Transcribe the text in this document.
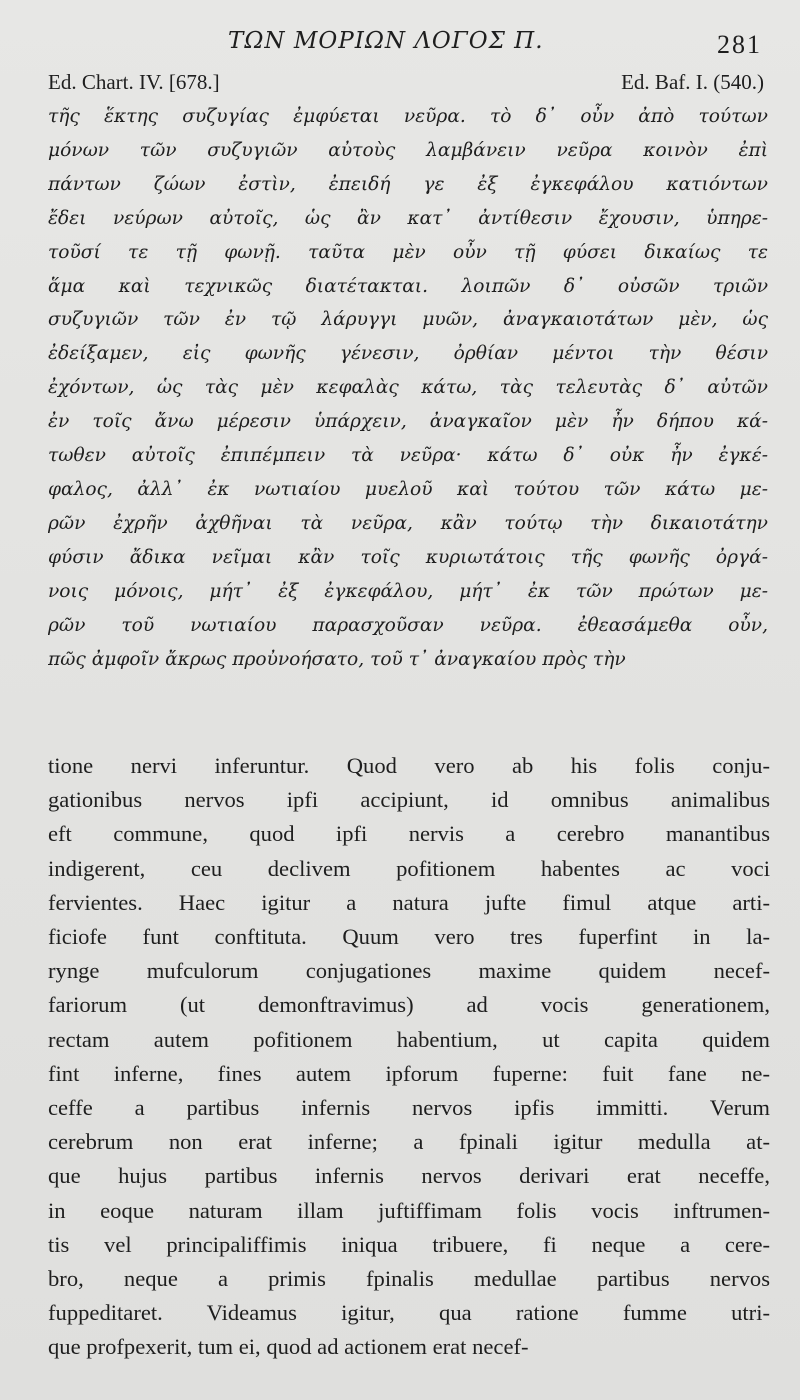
ΤΩΝ ΜΟΡΙΩΝ ΛΟΓΟΣ Π.	281
Ed. Chart. IV. [678.]	Ed. Baf. I. (540.)
τῆς ἕκτης συζυγίας ἐμφύεται νεῦρα. τὸ δ᾽ οὖν ἀπὸ τούτων
μόνων τῶν συζυγιῶν αὐτοὺς λαμβάνειν νεῦρα κοινὸν ἐπὶ
πάντων ζώων ἐστὶν, ἐπειδή γε ἐξ ἐγκεφάλου κατιόντων
ἔδει νεύρων αὐτοῖς, ὡς ἂν κατ᾽ ἀντίθεσιν ἔχουσιν, ὑπηρε-
τοῦσί τε τῇ φωνῇ. ταῦτα μὲν οὖν τῇ φύσει δικαίως τε
ἅμα καὶ τεχνικῶς διατέτακται. λοιπῶν δ᾽ οὐσῶν τριῶν
συζυγιῶν τῶν ἐν τῷ λάρυγγι μυῶν, ἀναγκαιοτάτων μὲν, ὡς
ἐδείξαμεν, εἰς φωνῆς γένεσιν, ὀρθίαν μέντοι τὴν θέσιν
ἐχόντων, ὡς τὰς μὲν κεφαλὰς κάτω, τὰς τελευτὰς δ᾽ αὐτῶν
ἐν τοῖς ἄνω μέρεσιν ὑπάρχειν, ἀναγκαῖον μὲν ἦν δήπου κά-
τωθεν αὐτοῖς ἐπιπέμπειν τὰ νεῦρα· κάτω δ᾽ οὐκ ἦν ἐγκέ-
φαλος, ἀλλ᾽ ἐκ νωτιαίου μυελοῦ καὶ τούτου τῶν κάτω με-
ρῶν ἐχρῆν ἀχθῆναι τὰ νεῦρα, κἂν τούτῳ τὴν δικαιοτάτην
φύσιν ἄδικα νεῖμαι κἂν τοῖς κυριωτάτοις τῆς φωνῆς ὀργά-
νοις μόνοις, μήτ᾽ ἐξ ἐγκεφάλου, μήτ᾽ ἐκ τῶν πρώτων με-
ρῶν τοῦ νωτιαίου παρασχοῦσαν νεῦρα. ἐθεασάμεθα οὖν,
πῶς ἀμφοῖν ἄκρως προὐνοήσατο, τοῦ τ᾽ ἀναγκαίου πρὸς τὴν
tione nervi inferuntur. Quod vero ab his folis conju-
gationibus nervos ipfi accipiunt, id omnibus animalibus
eft commune, quod ipfi nervis a cerebro manantibus
indigerent, ceu declivem pofitionem habentes ac voci
fervientes. Haec igitur a natura jufte fimul atque arti-
ficiofe funt conftituta. Quum vero tres fuperfint in la-
rynge mufculorum conjugationes maxime quidem necef-
fariorum (ut demonftravimus) ad vocis generationem,
rectam autem pofitionem habentium, ut capita quidem
fint inferne, fines autem ipforum fuperne: fuit fane ne-
ceffe a partibus infernis nervos ipfis immitti. Verum
cerebrum non erat inferne; a fpinali igitur medulla at-
que hujus partibus infernis nervos derivari erat neceffe,
in eoque naturam illam juftiffimam folis vocis inftrumen-
tis vel principaliffimis iniqua tribuere, fi neque a cere-
bro, neque a primis fpinalis medullae partibus nervos
fuppeditaret. Videamus igitur, qua ratione fumme utri-
que profpexerit, tum ei, quod ad actionem erat necef-
